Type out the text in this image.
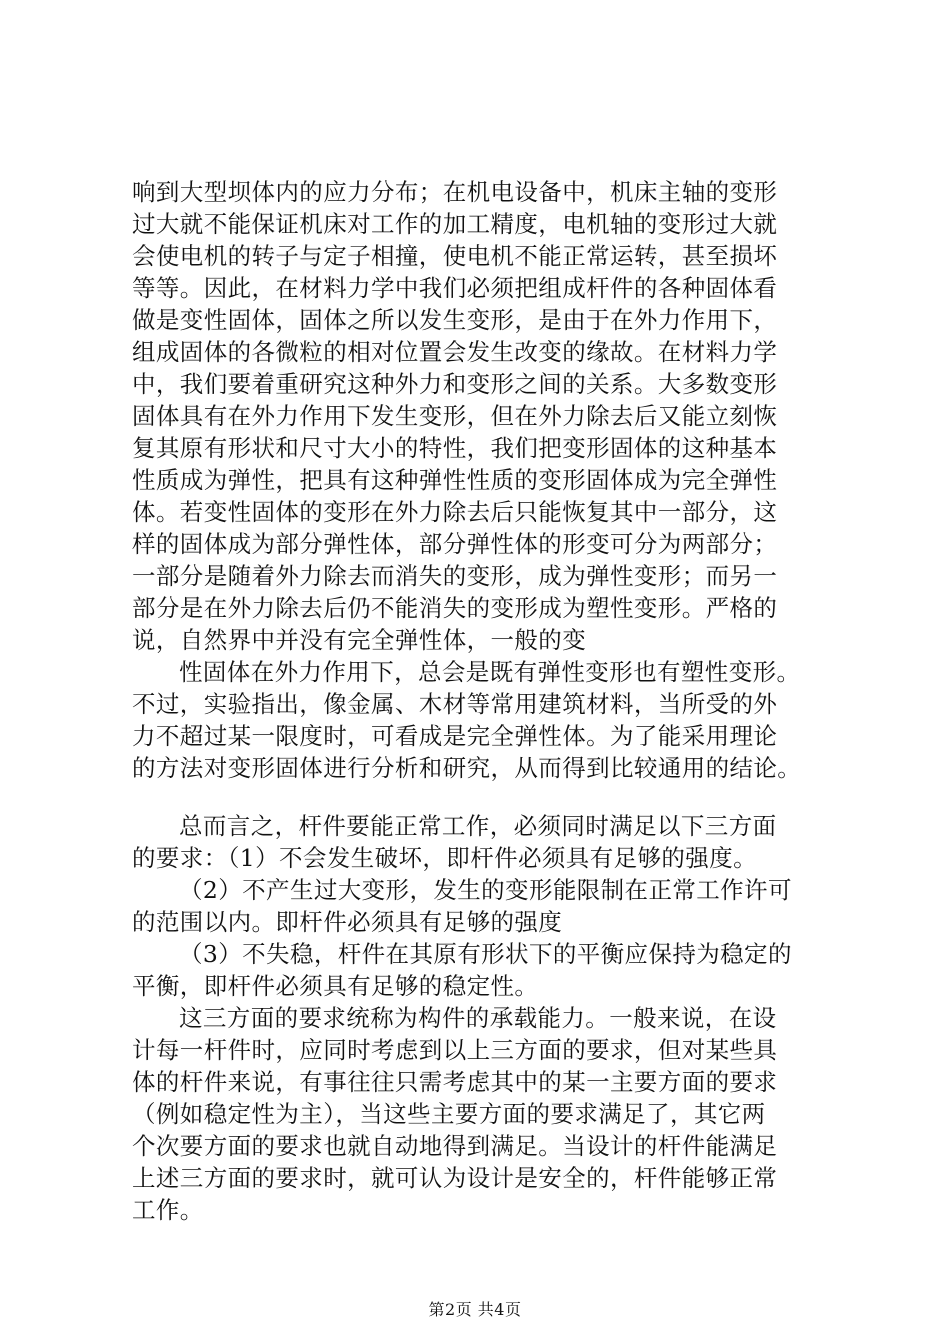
响到大型坝体内的应力分布；在机电设备中，机床主轴的变形
过大就不能保证机床对工作的加工精度，电机轴的变形过大就
会使电机的转子与定子相撞，使电机不能正常运转，甚至损坏
等等。因此，在材料力学中我们必须把组成杆件的各种固体看
做是变性固体，固体之所以发生变形，是由于在外力作用下，
组成固体的各微粒的相对位置会发生改变的缘故。在材料力学
中，我们要着重研究这种外力和变形之间的关系。大多数变形
固体具有在外力作用下发生变形，但在外力除去后又能立刻恢
复其原有形状和尺寸大小的特性，我们把变形固体的这种基本
性质成为弹性，把具有这种弹性性质的变形固体成为完全弹性
体。若变性固体的变形在外力除去后只能恢复其中一部分，这
样的固体成为部分弹性体，部分弹性体的形变可分为两部分；
一部分是随着外力除去而消失的变形，成为弹性变形；而另一
部分是在外力除去后仍不能消失的变形成为塑性变形。严格的
说，自然界中并没有完全弹性体，一般的变
性固体在外力作用下，总会是既有弹性变形也有塑性变形。
不过，实验指出，像金属、木材等常用建筑材料，当所受的外
力不超过某一限度时，可看成是完全弹性体。为了能采用理论
的方法对变形固体进行分析和研究，从而得到比较通用的结论。
总而言之，杆件要能正常工作，必须同时满足以下三方面
的要求：（1）不会发生破坏，即杆件必须具有足够的强度。
（2）不产生过大变形，发生的变形能限制在正常工作许可
的范围以内。即杆件必须具有足够的强度
（3）不失稳，杆件在其原有形状下的平衡应保持为稳定的
平衡，即杆件必须具有足够的稳定性。
这三方面的要求统称为构件的承载能力。一般来说，在设
计每一杆件时，应同时考虑到以上三方面的要求，但对某些具
体的杆件来说，有事往往只需考虑其中的某一主要方面的要求
（例如稳定性为主），当这些主要方面的要求满足了，其它两
个次要方面的要求也就自动地得到满足。当设计的杆件能满足
上述三方面的要求时，就可认为设计是安全的，杆件能够正常
工作。
第2页 共4页
